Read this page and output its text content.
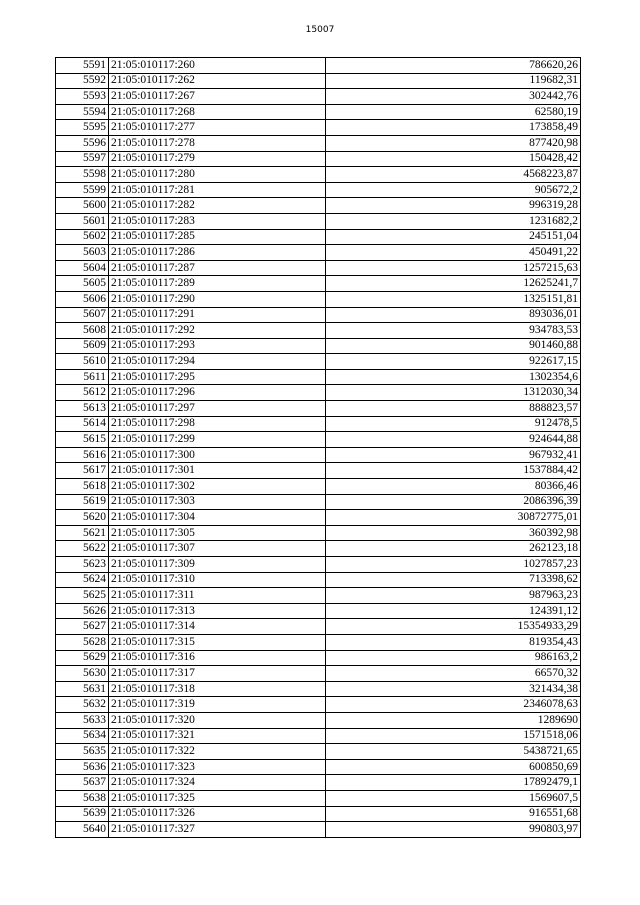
15007
5591	21:05:010117:260	786620,26
5592	21:05:010117:262	119682,31
5593	21:05:010117:267	302442,76
5594	21:05:010117:268	62580,19
5595	21:05:010117:277	173858,49
5596	21:05:010117:278	877420,98
5597	21:05:010117:279	150428,42
5598	21:05:010117:280	4568223,87
5599	21:05:010117:281	905672,2
5600	21:05:010117:282	996319,28
5601	21:05:010117:283	1231682,2
5602	21:05:010117:285	245151,04
5603	21:05:010117:286	450491,22
5604	21:05:010117:287	1257215,63
5605	21:05:010117:289	12625241,7
5606	21:05:010117:290	1325151,81
5607	21:05:010117:291	893036,01
5608	21:05:010117:292	934783,53
5609	21:05:010117:293	901460,88
5610	21:05:010117:294	922617,15
5611	21:05:010117:295	1302354,6
5612	21:05:010117:296	1312030,34
5613	21:05:010117:297	888823,57
5614	21:05:010117:298	912478,5
5615	21:05:010117:299	924644,88
5616	21:05:010117:300	967932,41
5617	21:05:010117:301	1537884,42
5618	21:05:010117:302	80366,46
5619	21:05:010117:303	2086396,39
5620	21:05:010117:304	30872775,01
5621	21:05:010117:305	360392,98
5622	21:05:010117:307	262123,18
5623	21:05:010117:309	1027857,23
5624	21:05:010117:310	713398,62
5625	21:05:010117:311	987963,23
5626	21:05:010117:313	124391,12
5627	21:05:010117:314	15354933,29
5628	21:05:010117:315	819354,43
5629	21:05:010117:316	986163,2
5630	21:05:010117:317	66570,32
5631	21:05:010117:318	321434,38
5632	21:05:010117:319	2346078,63
5633	21:05:010117:320	1289690
5634	21:05:010117:321	1571518,06
5635	21:05:010117:322	5438721,65
5636	21:05:010117:323	600850,69
5637	21:05:010117:324	17892479,1
5638	21:05:010117:325	1569607,5
5639	21:05:010117:326	916551,68
5640	21:05:010117:327	990803,97
